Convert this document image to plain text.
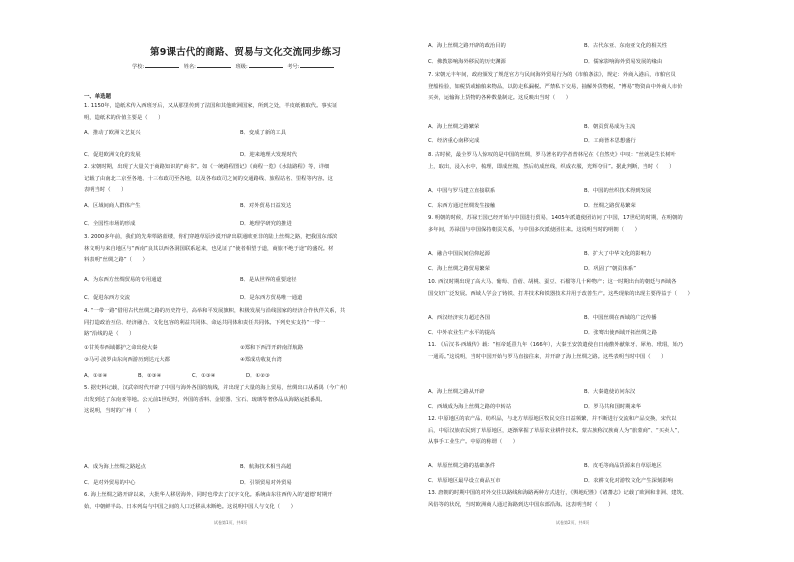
第9课古代的商路、贸易与文化交流同步练习
学校:	姓名:	班级:	考号:
一、单选题
1. 1150年，造纸术传入西班牙后，又从那里传到了法国和其他欧洲国家，所到之处，羊皮纸被取代。事实证
明，造纸术的价值主要是（　　）
A．推动了欧洲文艺复兴	B．变成了新的工具
C．促进欧洲文化的发展	D．迎来地理大发现时代
2. 宋朝时期，出现了大量关于商路知识的“商书”。如《一统路程图记》《商程一览》《水陆路程》等，详细
记载了由南北二京至各地、十三布政司至各地，以及各布政司之间的交通路线、旅程站名、里程等内容。这
表明当时（　　）
A．区域间商人群体产生	B．对外贸易日益发达
C．全国性市场的形成	D．地理学研究的推进
3. 2000多年前，我们的先辈筚路蓝缕，你们穿越草原沙漠开辟出联通欧亚非的陆上丝绸之路，把我国东部滨
林文明与来自地区与“西南”良其以西各洞国联系起来，也见证了“使者相望于道，商旅不绝于途”的盛况。材
料表明“丝绸之路”（　　）
A．为东西方丝绸贸易的专用通道	B．是从世界的重要途径
C．促进东西方交流	D．是东西方贸易唯一通道
4. “一带一路”借用古代丝绸之路的历史符号，高举和平发展旗帜，积极发展与沿线国家的经济合作伙伴关系，共
同打造政治互信、经济融合、文化包容的利益共同体、命运共同体和责任共同体。下列史实支持“一带一
路”沿线的是（　　）
①甘英奉西域都护之命出使大秦	②郑和下西洋开辟南洋航路
③马可·波罗由东向西游历到达元大都	④郑成功收复台湾
A．①②④	B．②③④	C．①③④	D．①②③
5. 据史料记载，汉武帝时代开辟了中国与海外各国的航线，并出现了大量的海上贸易，丝绸出口从番禺（今广州）
出发到达了东南亚等地。公元前1世纪时，外国的香料、金银器、宝石、琉璃等奢侈品从海路运抵番禺。
这说明，当时的广州（　　）
A．成为海上丝绸之路起点	B．航海技术相当高超
C．是对外贸易的中心	D．引领贸易对外贸易
6. 海上丝绸之路开辟以来，大批华人移居海外，同时也带去了汉字文化。系统由东往西传入的‘道德’时期开
始，中朝鲜半岛、日本列岛与中国之间的人口迁移从未断绝。这说明中国人与文化（　　）
A．海上丝绸之路开辟的政治目的	B．古代东亚、东南亚文化的相关性
C．佛教影响海外移民的历史渊源	D．儒家影响海外贸易发展的缘由
7. 宋朝元丰年间，政府颁发了规范官方与民间海外贸易行为的《市舶条法》，规定：外商入港后，市舶官员
登船检验，如税货或输舶来物品，以防走私漏税。严禁私下交易，抽解外货物税，“博易”物资由中外商人市价
买卖，运输海上货物的各种数量制定。这反映出当时（　　）
A．海上丝绸之路繁荣	B．朝贡贸易成为主流
C．经济重心南移完成	D．工商皆本思想盛行
8. 古时候，最全罗马人惊叹的是中国的丝绸，罗马著名的学者普林尼在《自然史》中叹：“丝就是生长树叶
上，取出，浸入水中，梳理，即成丝棉，然后纺成丝线，织成衣服，光辉夺目”。据此判断，当时（　　）
A．中国与罗马建立直接联系	B．中国的丝织技术得到发展
C．东西方通过丝绸发生接触	D．丝绸之路贸易繁荣
9. 明朝的时候，苏禄王国已经开始与中国进行贸易，1405年派遣使团访问了中国，17世纪的时期，在明朝的
多年间，苏禄国与中国保持朝贡关系，与中国多次派使团往来。这说明当时的明朝（　　）
A．融合中国民间信仰起源	B．扩大了中华文化的影响力
C．海上丝绸之路贸易繁荣	D．巩固了“朝贡体系”
10. 西汉时期出现了高大马、葡萄、苜蓿、胡桃、蚕豆、石榴等几十种物产；这一时期出台的朝廷与西域各
国交好广泛发展。西域人学会了铸铁、打井技术和铁器技术并用于改善生产。这些现象的出现主要得益于（　　）
A．西汉经济实力超过各国	B．中国丝绸在西域的广泛传播
C．中外农业生产水平的提高	D．张骞出使西域开拓丝绸之路
11. 《后汉书·西域传》载：“桓帝延熹九年（166年），大秦王安敦遣使自日南徼外献象牙、犀角、玳瑁，始乃
一通焉。”这说明，当时中国开始与罗马直接往来，并开辟了海上丝绸之路。这些表明当时中国（　　）
A．海上丝绸之路从开辟	B．大秦遣使访问东汉
C．西域成为海上丝绸之路的中转站	D．罗马共和国时期来华
12. 中原地区的农产品、纺织品，与北方草原地区牧民交往日益频繁，并不断进行交流和产品交换，宋代以
后，中原汉族农民到了草原地区，逐渐掌握了草原农业耕作技术。蒙古族称汉族商人为“旅蒙商”、“买卖人”，
从事手工业生产。中原的称谓（　　）
A．草原丝绸之路的基础条件	B．皮毛等商品货源来自草原地区
C．草原地区最早设立商品互市	D．农耕文化对游牧文化产生深刻影响
13. 唐朝的时期中国的对外交往以路线和海路两种方式进行，《舆地纪胜》《诸蕃志》记载了欧洲和非洲、建筑、
风俗等的状况，当时欧洲商人通过海路到达中国东部沿海。这表明当时（　　）
试卷第1页，共4页	试卷第2页，共4页
